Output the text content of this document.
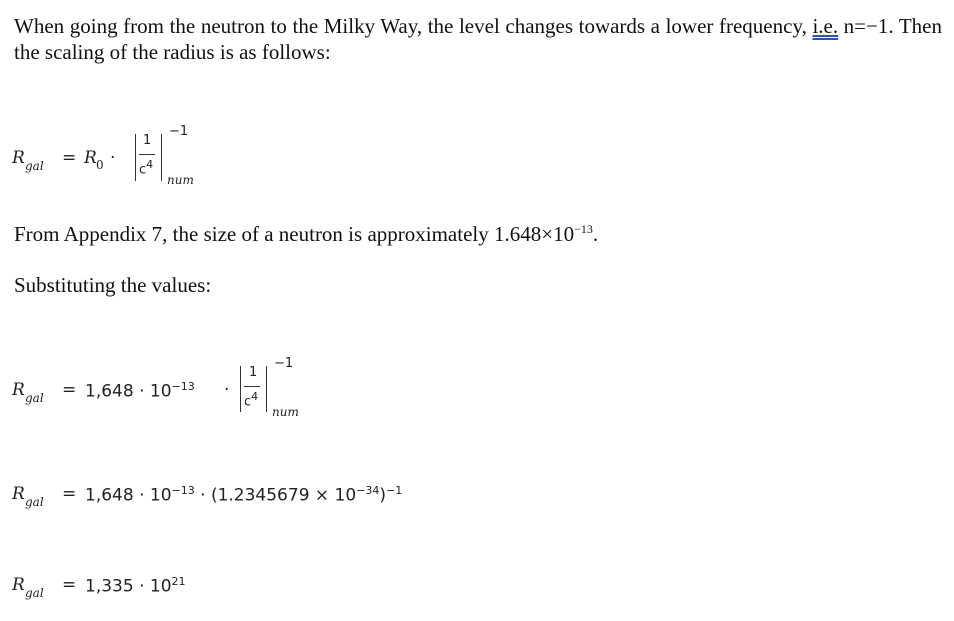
When going from the neutron to the Milky Way, the level changes towards a lower frequency, i.e. n=−1. Then the scaling of the radius is as follows:

R gal = R 0 ·
1
$c^4$
−1
num

From Appendix 7, the size of a neutron is approximately $1.648\times 10^{-13}$.

Substituting the values:

R gal = $1,648 \cdot 10^{-13}$ ·
1
$c^4$
−1
num
R gal = $1,648 \cdot 10^{-13} \cdot (1.2345679 \times 10^{-34})^{-1}$
R gal = $1,335 \cdot 10^{21}$
